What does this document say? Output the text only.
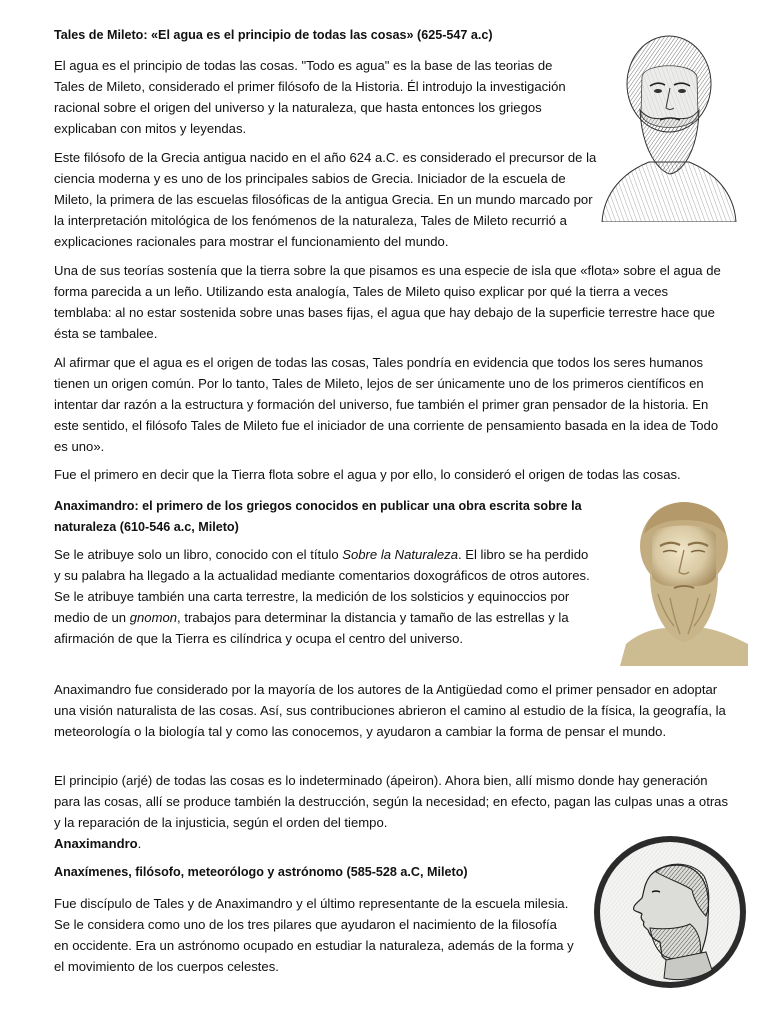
Tales de Mileto: «El agua es el principio de todas las cosas» (625-547 a.c)

El agua es el principio de todas las cosas. "Todo es agua" es la base de las teorias de Tales de Mileto, considerado el primer filósofo de la Historia. Él introdujo la investigación racional sobre el origen del universo y la naturaleza, que hasta entonces los griegos explicaban con mitos y leyendas.

Este filósofo de la Grecia antigua nacido en el año 624 a.C. es considerado el precursor de la ciencia moderna y es uno de los principales sabios de Grecia. Iniciador de la escuela de Mileto, la primera de las escuelas filosóficas de la antigua Grecia. En un mundo marcado por la interpretación mitológica de los fenómenos de la naturaleza, Tales de Mileto recurrió a explicaciones racionales para mostrar el funcionamiento del mundo.

Una de sus teorías sostenía que la tierra sobre la que pisamos es una especie de isla que «flota» sobre el agua de forma parecida a un leño. Utilizando esta analogía, Tales de Mileto quiso explicar por qué la tierra a veces temblaba: al no estar sostenida sobre unas bases fijas, el agua que hay debajo de la superficie terrestre hace que ésta se tambalee.

Al afirmar que el agua es el origen de todas las cosas, Tales pondría en evidencia que todos los seres humanos tienen un origen común. Por lo tanto, Tales de Mileto, lejos de ser únicamente uno de los primeros científicos en intentar dar razón a la estructura y formación del universo, fue también el primer gran pensador de la historia. En este sentido, el filósofo Tales de Mileto fue el iniciador de una corriente de pensamiento basada en la idea de Todo es uno».

Fue el primero en decir que la Tierra flota sobre el agua y por ello, lo consideró el origen de todas las cosas.

Anaximandro: el primero de los griegos conocidos en publicar una obra escrita sobre la naturaleza (610-546 a.c, Mileto)

Se le atribuye solo un libro, conocido con el título Sobre la Naturaleza. El libro se ha perdido y su palabra ha llegado a la actualidad mediante comentarios doxográficos de otros autores. Se le atribuye también una carta terrestre, la medición de los solsticios y equinoccios por medio de un gnomon, trabajos para determinar la distancia y tamaño de las estrellas y la afirmación de que la Tierra es cilíndrica y ocupa el centro del universo.

Anaximandro fue considerado por la mayoría de los autores de la Antigüedad como el primer pensador en adoptar una visión naturalista de las cosas. Así, sus contribuciones abrieron el camino al estudio de la física, la geografía, la meteorología o la biología tal y como las conocemos, y ayudaron a cambiar la forma de pensar el mundo.

El principio (arjé) de todas las cosas es lo indeterminado (ápeiron). Ahora bien, allí mismo donde hay generación para las cosas, allí se produce también la destrucción, según la necesidad; en efecto, pagan las culpas unas a otras y la reparación de la injusticia, según el orden del tiempo.
Anaximandro.

Anaxímenes, filósofo, meteorólogo y astrónomo (585-528 a.C, Mileto)

Fue discípulo de Tales y de Anaximandro y el último representante de la escuela milesia. Se le considera como uno de los tres pilares que ayudaron el nacimiento de la filosofía en occidente. Era un astrónomo ocupado en estudiar la naturaleza, además de la forma y el movimiento de los cuerpos celestes.
